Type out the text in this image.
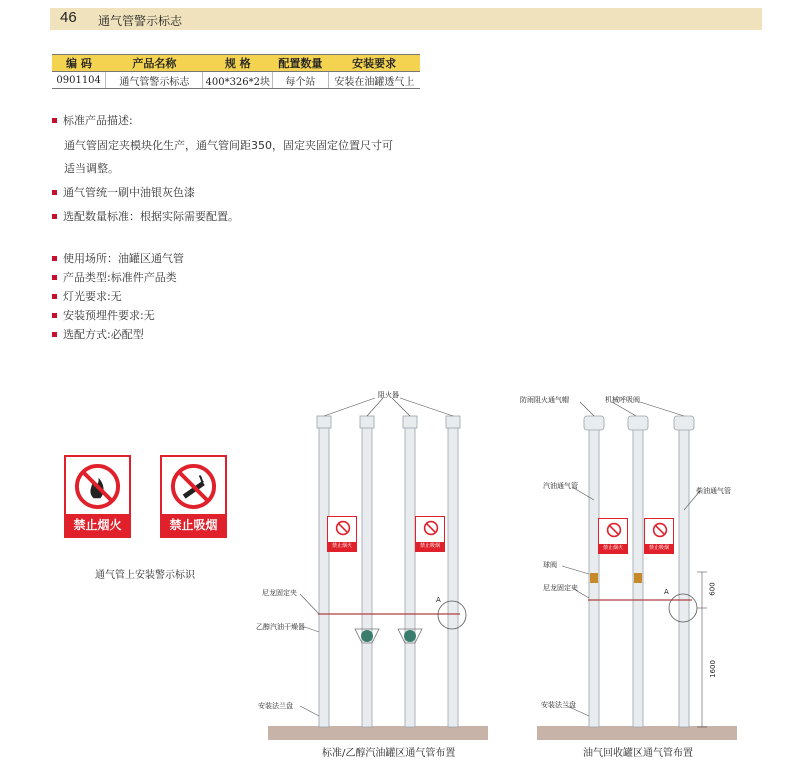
46 通气管警示标志
编 码	产品名称	规 格	配置数量	安装要求
0901104	通气管警示标志	400*326*2块	每个站	安装在油罐透气上
标准产品描述:
通气管固定夹模块化生产，通气管间距350，固定夹固定位置尺寸可
适当调整。
通气管统一刷中油银灰色漆
选配数量标准：根据实际需要配置。
使用场所：油罐区通气管
产品类型:标准件产品类
灯光要求:无
安装预埋件要求:无
选配方式:必配型
禁止烟火	禁止吸烟
通气管上安装警示标识
禁止烟火	禁止吸烟	禁止烟火	禁止吸烟
阻火器
尼龙固定夹
乙醇汽油干燥器
安装法兰盘
A
标准/乙醇汽油罐区通气管布置
防雨阻火通气帽	机械呼吸阀
汽油通气管
柴油通气管
球阀
尼龙固定夹
安装法兰盘
A	600
1600
油气回收罐区通气管布置
